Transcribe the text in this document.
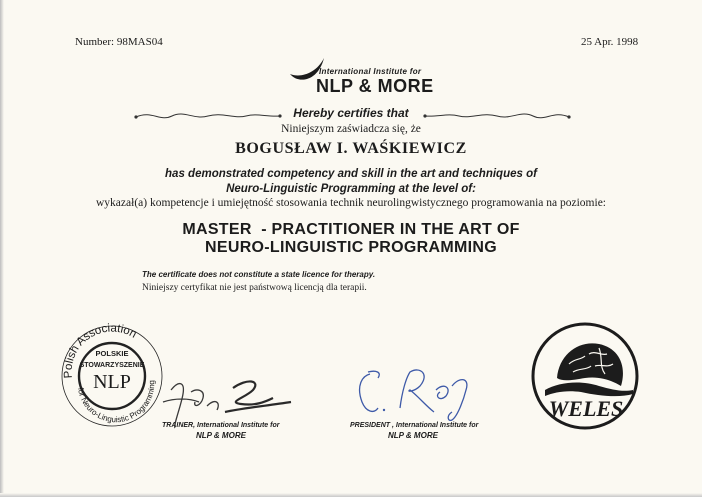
Number: 98MAS04	25 Apr. 1998
International Institute for
NLP & MORE
Hereby certifies that
Niniejszym zaświadcza się, że
BOGUSŁAW I. WAŚKIEWICZ
has demonstrated competency and skill in the art and techniques of
Neuro-Linguistic Programming at the level of:
wykazał(a) kompetencje i umiejętność stosowania technik neurolingwistycznego programowania na poziomie:
MASTER  - PRACTITIONER IN THE ART OF
NEURO-LINGUISTIC PROGRAMMING
The certificate does not constitute a state licence for therapy.
Niniejszy certyfikat nie jest państwową licencją dla terapii.
Polish Association
for Neuro-Linguistic Programming
POLSKIE
STOWARZYSZENIE
NLP
TRAINER, International Institute for
NLP & MORE
PRESIDENT , International Institute for
NLP & MORE
WELES
